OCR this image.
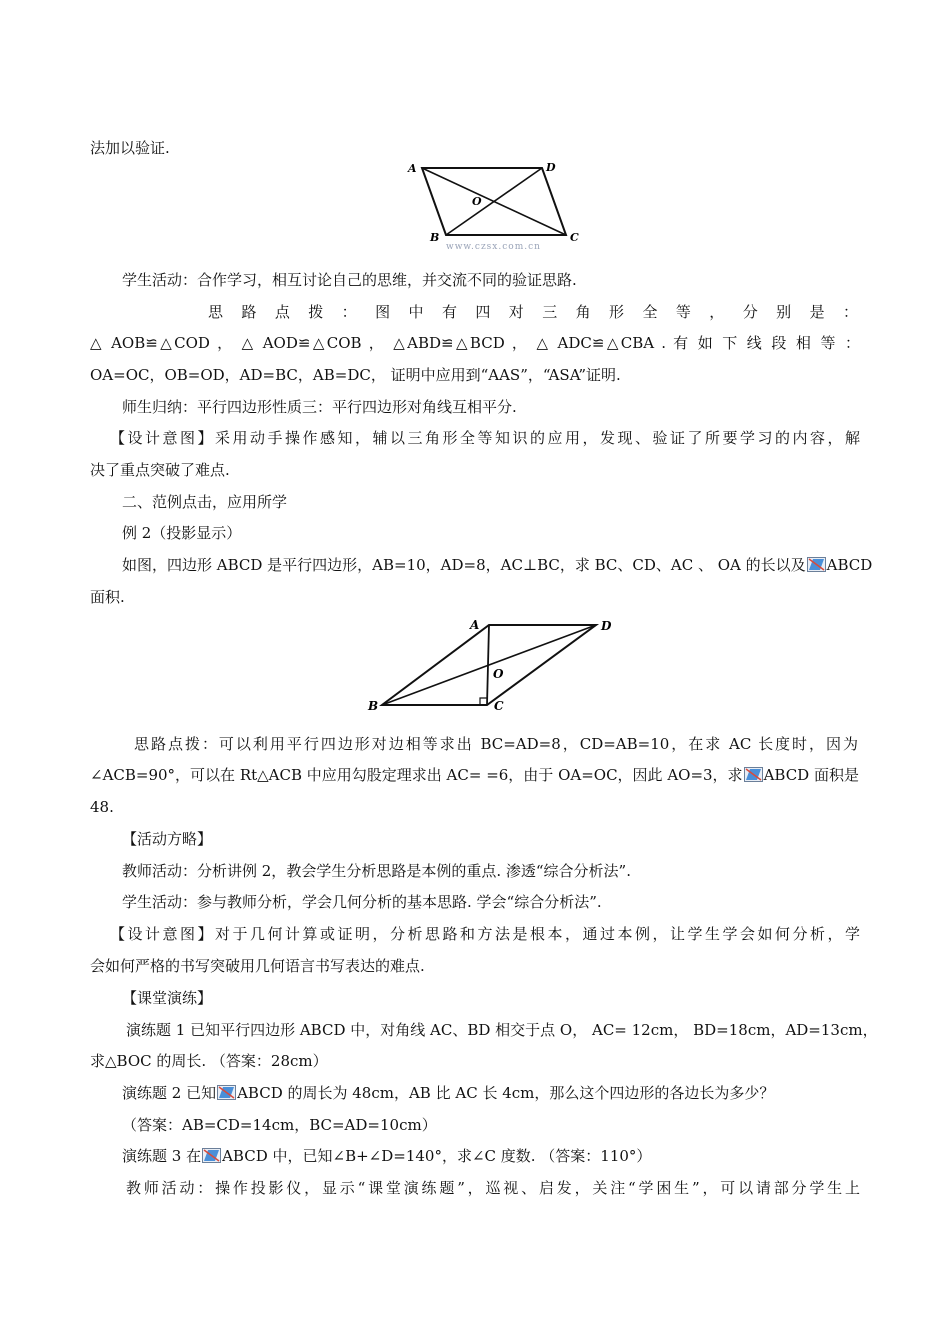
法加以验证.
A	D
B	C
O
www.czsx.com.cn
学生活动：合作学习，相互讨论自己的思维，并交流不同的验证思路.
思 路 点 拨 ： 图 中 有 四 对 三 角 形 全 等 ， 分 别 是 ：
△ AOB≌△COD ， △ AOD≌△COB ， △ABD≌△BCD ， △ ADC≌△CBA . 有 如 下 线 段 相 等 ：
OA=OC，OB=OD，AD=BC，AB=DC， 证明中应用到“AAS”，“ASA”证明.
师生归纳：平行四边形性质三：平行四边形对角线互相平分.
【设计意图】采用动手操作感知，辅以三角形全等知识的应用，发现、验证了所要学习的内容，解
决了重点突破了难点.
二、范例点击，应用所学
例 2（投影显示）
如图，四边形 ABCD 是平行四边形，AB=10，AD=8，AC⊥BC，求 BC、CD、AC 、 OA 的长以及 ABCD
面积.
A	D
B	C
O
思路点拨：可以利用平行四边形对边相等求出 BC=AD=8，CD=AB=10，在求 AC 长度时，因为
∠ACB=90°，可以在 Rt△ACB 中应用勾股定理求出 AC= =6，由于 OA=OC，因此 AO=3，求 ABCD 面积是
48.
【活动方略】
教师活动：分析讲例 2，教会学生分析思路是本例的重点. 渗透“综合分析法”.
学生活动：参与教师分析，学会几何分析的基本思路. 学会“综合分析法”.
【设计意图】对于几何计算或证明，分析思路和方法是根本，通过本例，让学生学会如何分析，学
会如何严格的书写突破用几何语言书写表达的难点.
【课堂演练】
演练题 1 已知平行四边形 ABCD 中，对角线 AC、BD 相交于点 O， AC= 12cm， BD=18cm，AD=13cm，
求△BOC 的周长. （答案：28cm）
演练题 2 已知 ABCD 的周长为 48cm，AB 比 AC 长 4cm，那么这个四边形的各边长为多少？
（答案：AB=CD=14cm，BC=AD=10cm）
演练题 3 在 ABCD 中，已知∠B+∠D=140°，求∠C 度数. （答案：110°）
教师活动：操作投影仪，显示“课堂演练题”，巡视、启发，关注“学困生”，可以请部分学生上
